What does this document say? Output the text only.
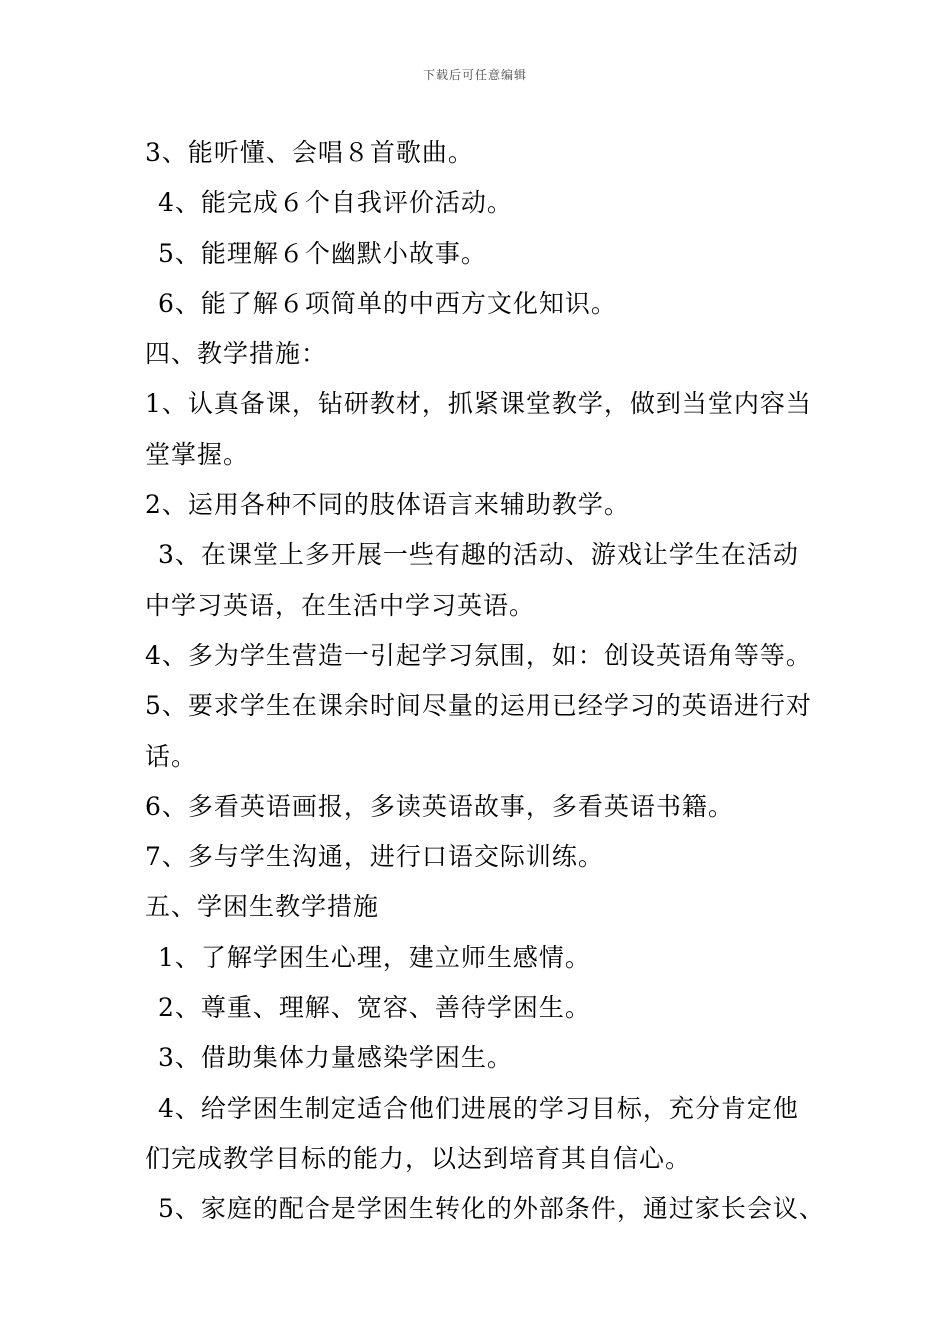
下载后可任意编辑
3、能听懂、会唱８首歌曲。
4、能完成６个自我评价活动。
5、能理解６个幽默小故事。
6、能了解６项简单的中西方文化知识。
四、教学措施：
1、认真备课，钻研教材，抓紧课堂教学，做到当堂内容当
堂掌握。
2、运用各种不同的肢体语言来辅助教学。
3、在课堂上多开展一些有趣的活动、游戏让学生在活动
中学习英语，在生活中学习英语。
4、多为学生营造一引起学习氛围，如：创设英语角等等。
5、要求学生在课余时间尽量的运用已经学习的英语进行对
话。
6、多看英语画报，多读英语故事，多看英语书籍。
7、多与学生沟通，进行口语交际训练。
五、学困生教学措施
1、了解学困生心理，建立师生感情。
2、尊重、理解、宽容、善待学困生。
3、借助集体力量感染学困生。
4、给学困生制定适合他们进展的学习目标，充分肯定他
们完成教学目标的能力，以达到培育其自信心。
5、家庭的配合是学困生转化的外部条件，通过家长会议、
